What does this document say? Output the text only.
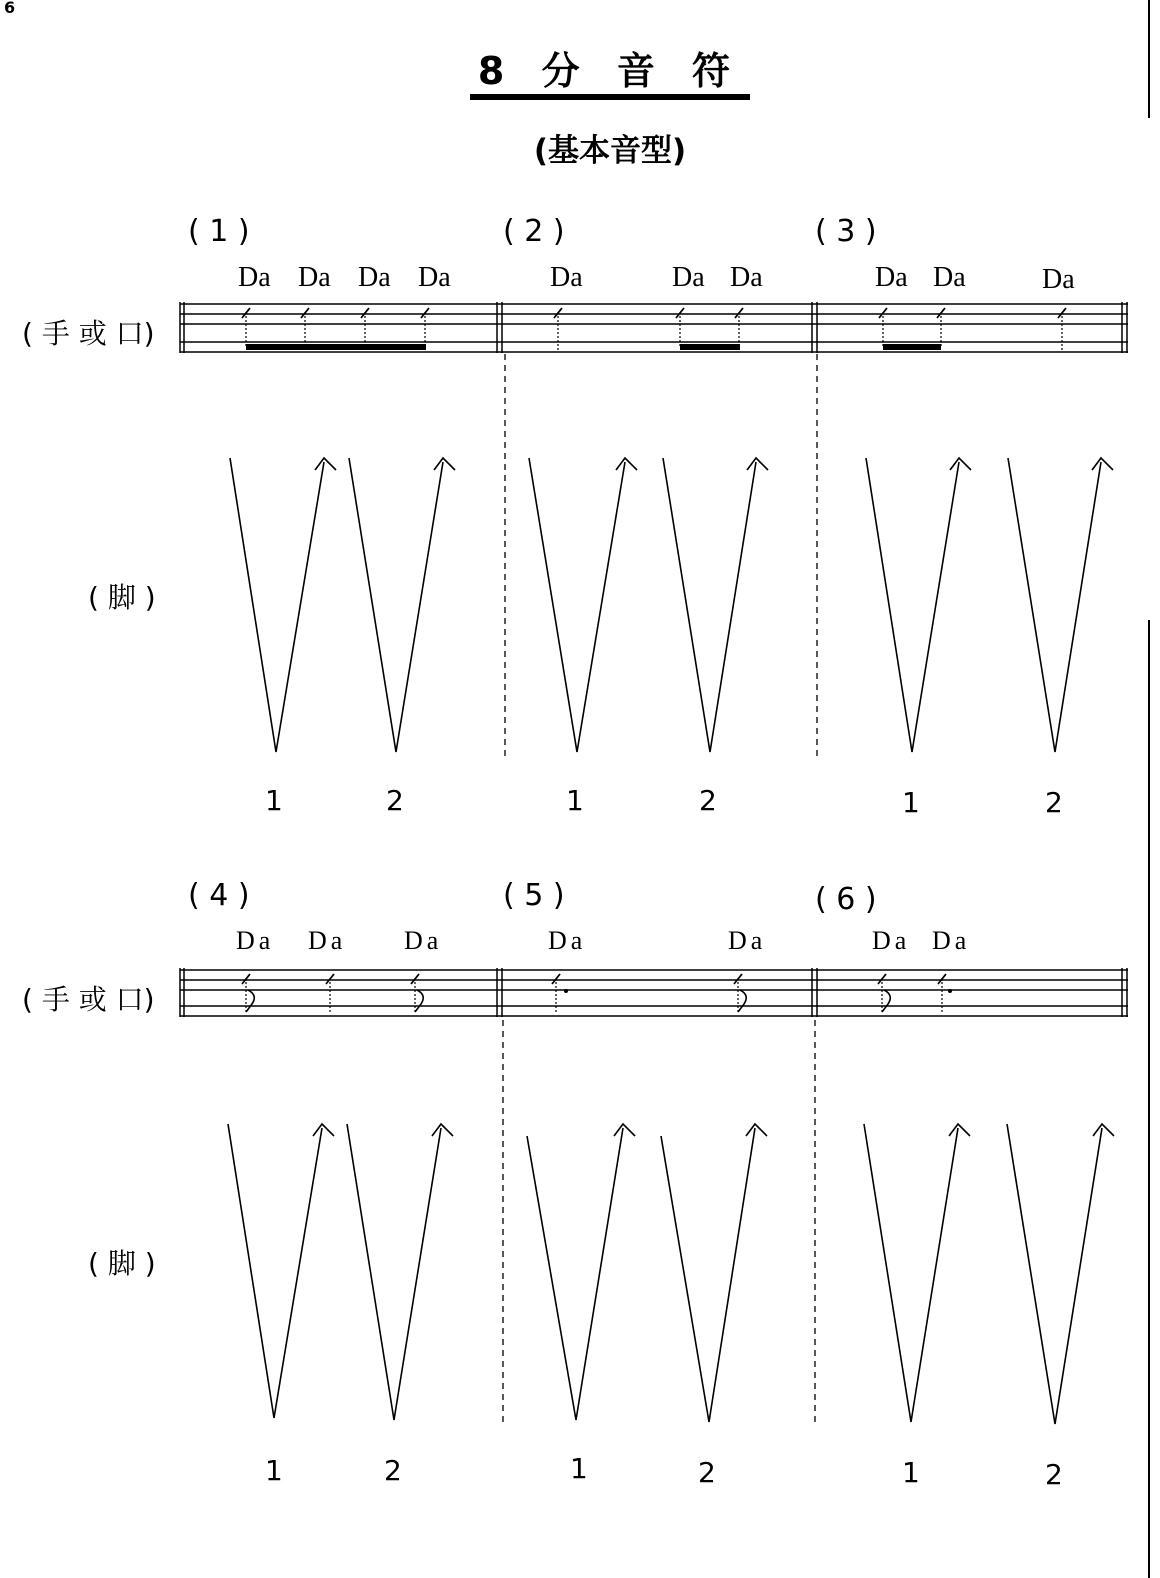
6
8 分 音 符
(基本音型)
( 1 )	( 2 )	( 3 )
Da Da Da Da	Da	Da Da	Da Da	Da
( 手 或 口)
( 脚 )
1	2	1	2	1	2
( 4 )	( 5 )	( 6 )
Da Da Da	Da	Da	Da Da
( 手 或 口)
( 脚 )
1	2	1	2	1	2
